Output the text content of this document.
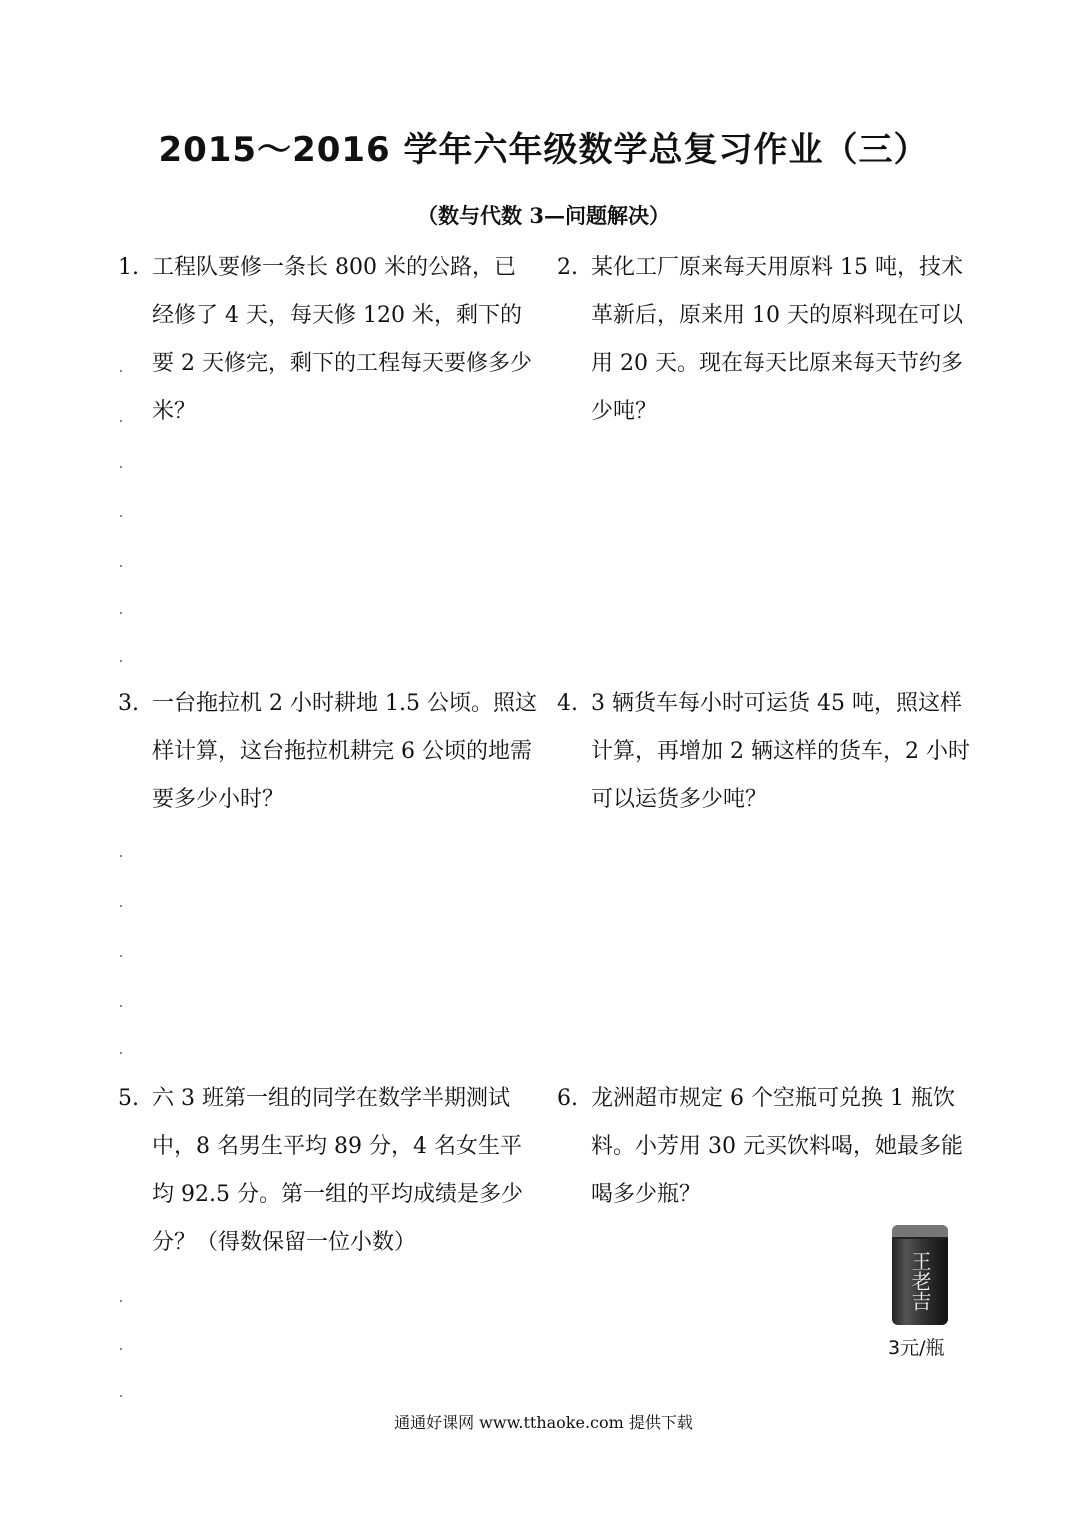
2015～2016 学年六年级数学总复习作业（三）
（数与代数 3—问题解决）
1. 工程队要修一条长 800 米的公路，已经修了 4 天，每天修 120 米，剩下的要 2 天修完，剩下的工程每天要修多少米？
2. 某化工厂原来每天用原料 15 吨，技术革新后，原来用 10 天的原料现在可以用 20 天。现在每天比原来每天节约多少吨？
3. 一台拖拉机 2 小时耕地 1.5 公顷。照这样计算，这台拖拉机耕完 6 公顷的地需要多少小时？
4. 3 辆货车每小时可运货 45 吨，照这样计算，再增加 2 辆这样的货车，2 小时可以运货多少吨？
5. 六 3 班第一组的同学在数学半期测试中，8 名男生平均 89 分，4 名女生平均 92.5 分。第一组的平均成绩是多少分？（得数保留一位小数）
6. 龙洲超市规定 6 个空瓶可兑换 1 瓶饮料。小芳用 30 元买饮料喝，她最多能喝多少瓶？
王老吉
3元/瓶
通通好课网 www.tthaoke.com 提供下载
